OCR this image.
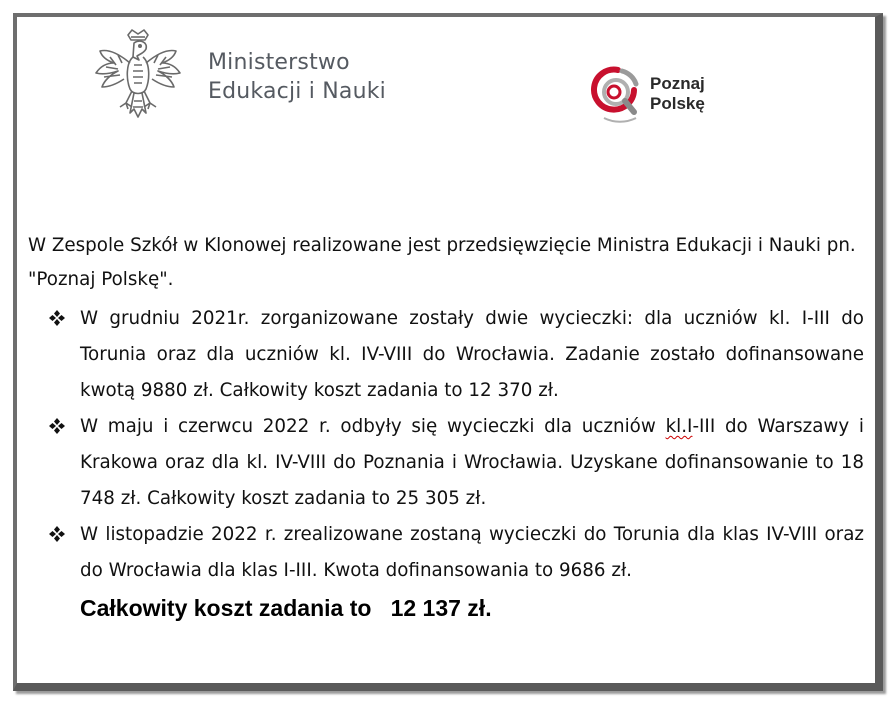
Ministerstwo
Edukacji i Nauki	Poznaj
Polskę

W Zespole Szkół w Klonowej realizowane jest przedsięwzięcie Ministra Edukacji i Nauki pn. "Poznaj Polskę".

W grudniu 2021r. zorganizowane zostały dwie wycieczki: dla uczniów kl. I-III do Torunia oraz dla uczniów kl. IV-VIII do Wrocławia. Zadanie zostało dofinansowane kwotą 9880 zł. Całkowity koszt zadania to 12 370 zł.
W maju i czerwcu 2022 r. odbyły się wycieczki dla uczniów kl.I-III do Warszawy i Krakowa oraz dla kl. IV-VIII do Poznania i Wrocławia. Uzyskane dofinansowanie to 18 748 zł. Całkowity koszt zadania to 25 305 zł.
W listopadzie 2022 r. zrealizowane zostaną wycieczki do Torunia dla klas IV-VIII oraz do Wrocławia dla klas I-III. Kwota dofinansowania to 9686 zł.
Całkowity koszt zadania to   12 137 zł.
